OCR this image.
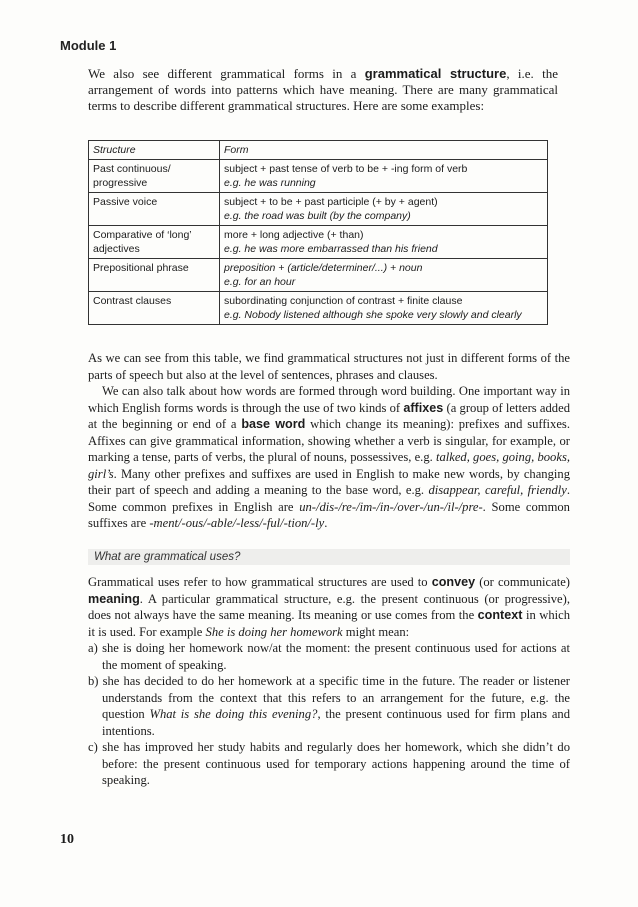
Module 1
We also see different grammatical forms in a grammatical structure, i.e. the arrangement of words into patterns which have meaning. There are many grammatical terms to describe different grammatical structures. Here are some examples:
Structure	Form
Past continuous/ progressive	subject + past tense of verb to be + -ing form of verb
e.g. he was running

Passive voice	subject + to be + past participle (+ by + agent)
e.g. the road was built (by the company)

Comparative of ‘long’ adjectives	more + long adjective (+ than)
e.g. he was more embarrassed than his friend

Prepositional phrase	preposition + (article/determiner/...) + noun
e.g. for an hour

Contrast clauses	subordinating conjunction of contrast + finite clause
e.g. Nobody listened although she spoke very slowly and clearly

As we can see from this table, we find grammatical structures not just in different forms of the parts of speech but also at the level of sentences, phrases and clauses.

We can also talk about how words are formed through word building. One important way in which English forms words is through the use of two kinds of affixes (a group of letters added at the beginning or end of a base word which change its meaning): prefixes and suffixes. Affixes can give grammatical information, showing whether a verb is singular, for example, or marking a tense, parts of verbs, the plural of nouns, possessives, e.g. talked, goes, going, books, girl’s. Many other prefixes and suffixes are used in English to make new words, by changing their part of speech and adding a meaning to the base word, e.g. disappear, careful, friendly. Some common prefixes in English are un-/dis-/re-/im-/in-/over-/un-/il-/pre-. Some common suffixes are -ment/-ous/-able/-less/-ful/-tion/-ly.

What are grammatical uses?

Grammatical uses refer to how grammatical structures are used to convey (or communicate) meaning. A particular grammatical structure, e.g. the present continuous (or progressive), does not always have the same meaning. Its meaning or use comes from the context in which it is used. For example She is doing her homework might mean:

a) she is doing her homework now/at the moment: the present continuous used for actions at the moment of speaking.

b) she has decided to do her homework at a specific time in the future. The reader or listener understands from the context that this refers to an arrangement for the future, e.g. the question What is she doing this evening?, the present continuous used for firm plans and intentions.

c) she has improved her study habits and regularly does her homework, which she didn’t do before: the present continuous used for temporary actions happening around the time of speaking.

10
